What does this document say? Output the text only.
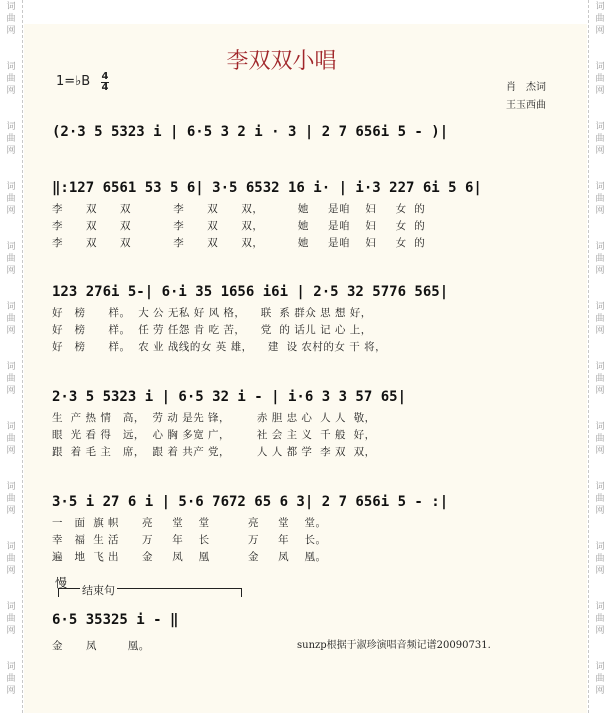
词
曲
网
词
曲
网
词
曲
网
词
曲
网
词
曲
网
词
曲
网
词
曲
网
词
曲
网
词
曲
网
词
曲
网
词
曲
网
词
曲
网
词
曲
网
词
曲
网
词
曲
网
词
曲
网
词
曲
网
词
曲
网
词
曲
网
词
曲
网
词
曲
网
词
曲
网
词
曲
网
词
曲
网
李双双小唱
1=♭B 4
4	肖　杰词
王玉西曲
(2·3 5 5323 i | 6·5 3 2 i · 3 | 2 7 656i 5 - )|
‖:127 6561 53 5 6| 3·5 6532 16 i· | i·3 227 6i 5 6|
李      双      双           李      双      双，         她     是咱    妇     女  的
李      双      双           李      双      双，         她     是咱    妇     女  的
李      双      双           李      双      双，         她     是咱    妇     女  的
123 276i 5-| 6·i 35 1656 i6i | 2·5 32 5776 565|
好   榜      样。  大 公 无私 好 风 格，    联  系 群众 思 想 好，
好   榜      样。  任 劳 任怨 肯 吃 苦，    党  的 话儿 记 心 上，
好   榜      样。  农 业 战线的女 英 雄，    建  设 农村的女 干 将，
2·3 5 5323 i | 6·5 32 i - | i·6 3 3 57 65|
生  产 热 情   高，  劳 动 是先 锋，       赤 胆 忠 心  人 人  敬，
眼  光 看 得   远，  心 胸 多宽 广，       社 会 主 义  千 般  好，
跟  着 毛 主   席，  跟 着 共产 党，       人 人 都 学  李 双  双，
3·5 i 27 6 i | 5·6 7672 65 6 3| 2 7 656i 5 - :|
一   面  旗 帜      亮     堂    堂          亮     堂    堂。
幸   福  生 活      万     年    长          万     年    长。
遍   地  飞 出      金     凤    凰          金     凤    凰。
慢
结束句
6·5 35325 i - ‖
金      凤        凰。	sunzp根据于淑珍演唱音频记谱20090731.
